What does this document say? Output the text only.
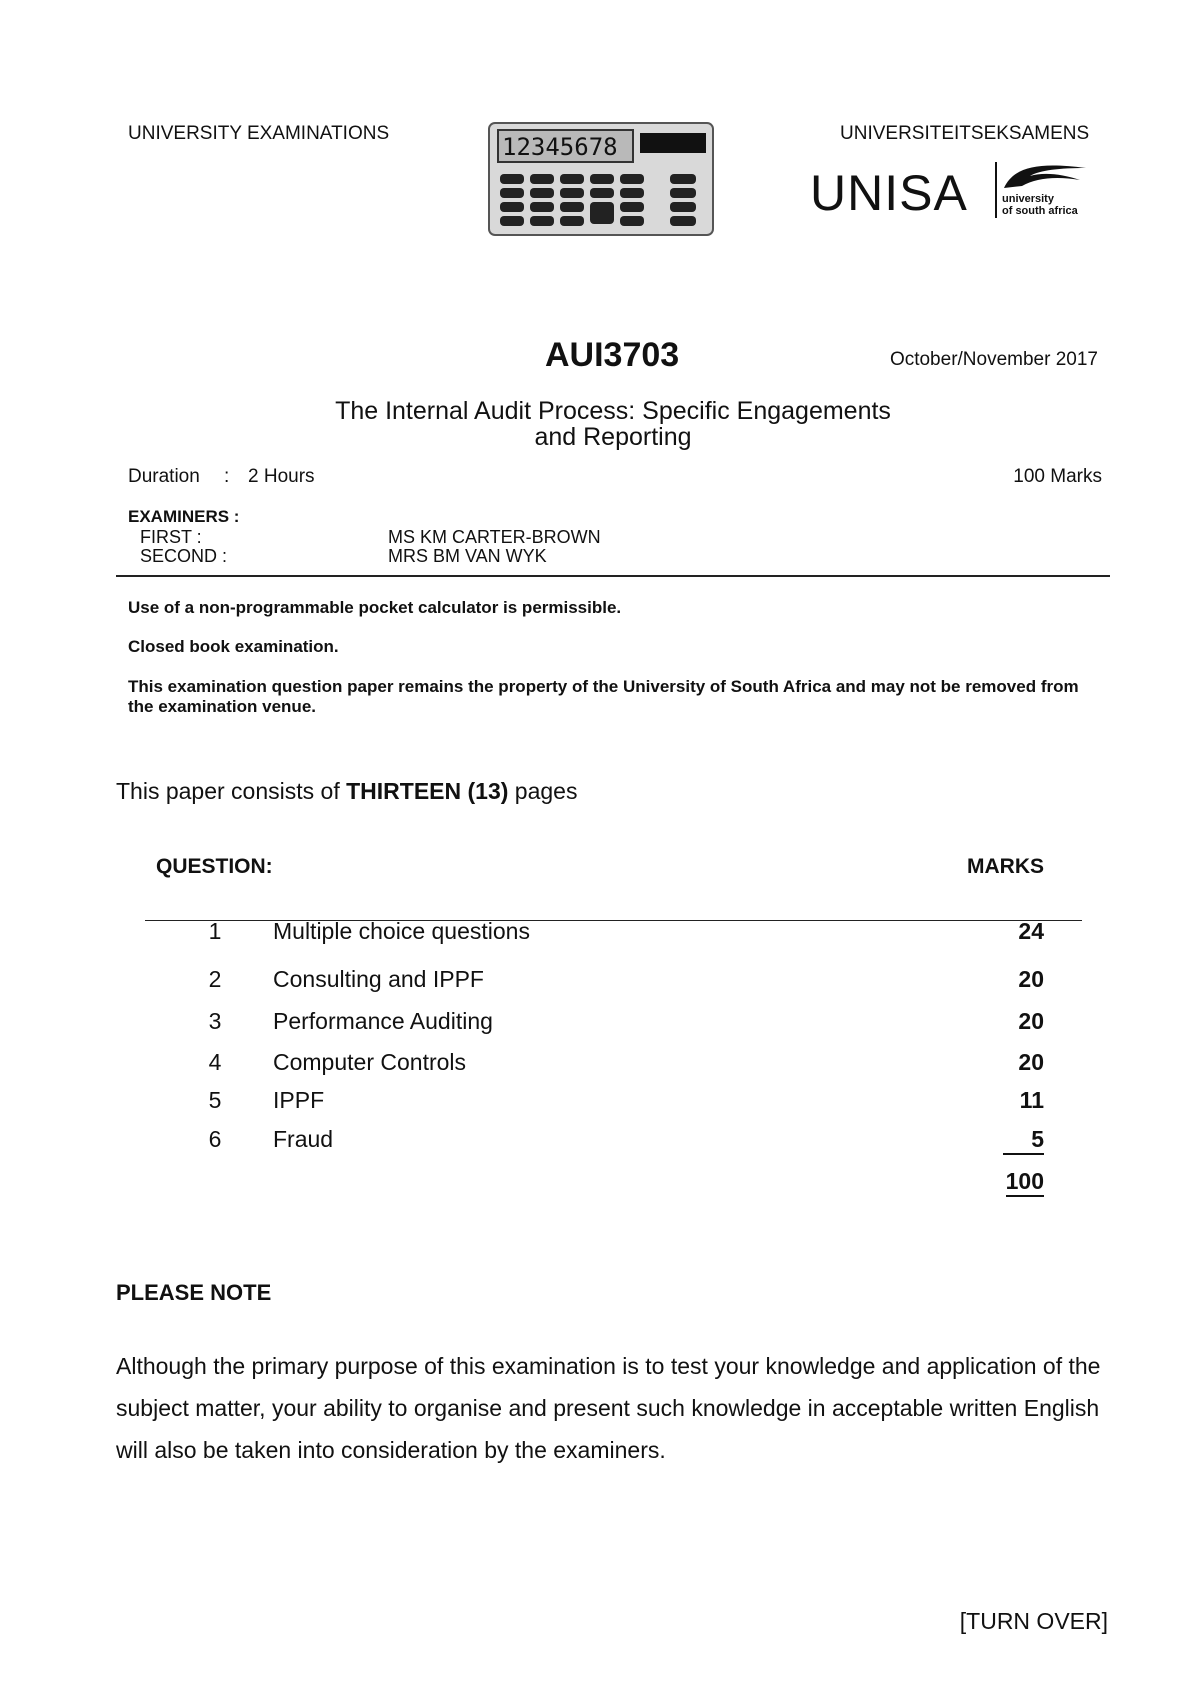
UNIVERSITY EXAMINATIONS	UNIVERSITEITSEKSAMENS
12345678
UNISA	university
of south africa
AUI3703	October/November 2017
The Internal Audit Process: Specific Engagements
and Reporting
Duration : 2 Hours	100 Marks
EXAMINERS :
FIRST :	MS KM CARTER-BROWN
SECOND :	MRS BM VAN WYK
Use of a non-programmable pocket calculator is permissible.
Closed book examination.
This examination question paper remains the property of the University of South Africa and may not be removed from the examination venue.
This paper consists of THIRTEEN (13) pages
QUESTION:	MARKS
1	Multiple choice questions	24
2	Consulting and IPPF	20
3	Performance Auditing	20
4	Computer Controls	20
5	IPPF	11
6	Fraud	5
100
PLEASE NOTE
Although the primary purpose of this examination is to test your knowledge and application of the subject matter, your ability to organise and present such knowledge in acceptable written English will also be taken into consideration by the examiners.
[TURN OVER]
